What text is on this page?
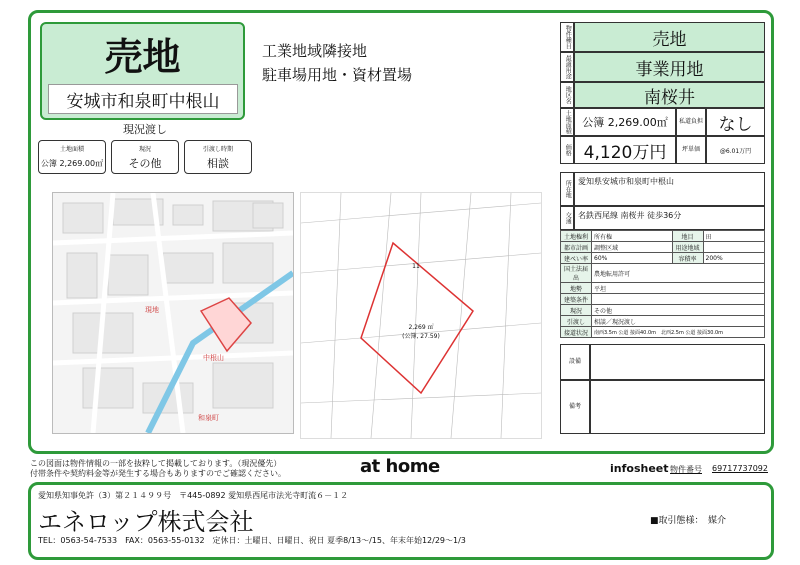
売地
安城市和泉町中根山
工業地域隣接地
駐車場用地・資材置場
現況渡し
土地面積
公簿 2,269.00㎡
現況
その他
引渡し時期
相談
中根山
現地
和泉町
11
2,269 ㎡
(公簿, 27.59)
物件種目	売地
最適用途	事業用地
地区名	南桜井
土地面積 公簿 2,269.00㎡	私道負担 なし
価格 4,120万円	坪単価	@6.01万円
所在地 愛知県安城市和泉町中根山
交通 名鉄西尾線 南桜井 徒歩36分
土地権利	所有権	地目	田
都市計画	調整区域	用途地域	
建ぺい率	60%	容積率	200%
国土法届出	農地転用許可		
地勢	平坦		
建築条件			
現況	その他		
引渡し	相談／現況渡し		
接道状況	南西3.5m 公道 接面40.0m　北西2.5m 公道 接面30.0m		
設備
備考
この図面は物件情報の一部を抜粋して掲載しております。（現況優先）
付帯条件や契約料金等が発生する場合もありますのでご確認ください。	at home	infosheet 物件番号 69717737092
愛知県知事免許（3）第２１４９９号　〒445-0892 愛知県西尾市法光寺町流６－１２
エネロップ株式会社
TEL：0563-54-7533　FAX：0563-55-0132　定休日：土曜日、日曜日、祝日 夏季8/13〜/15、年末年始12/29〜1/3
■取引態様：　媒介
